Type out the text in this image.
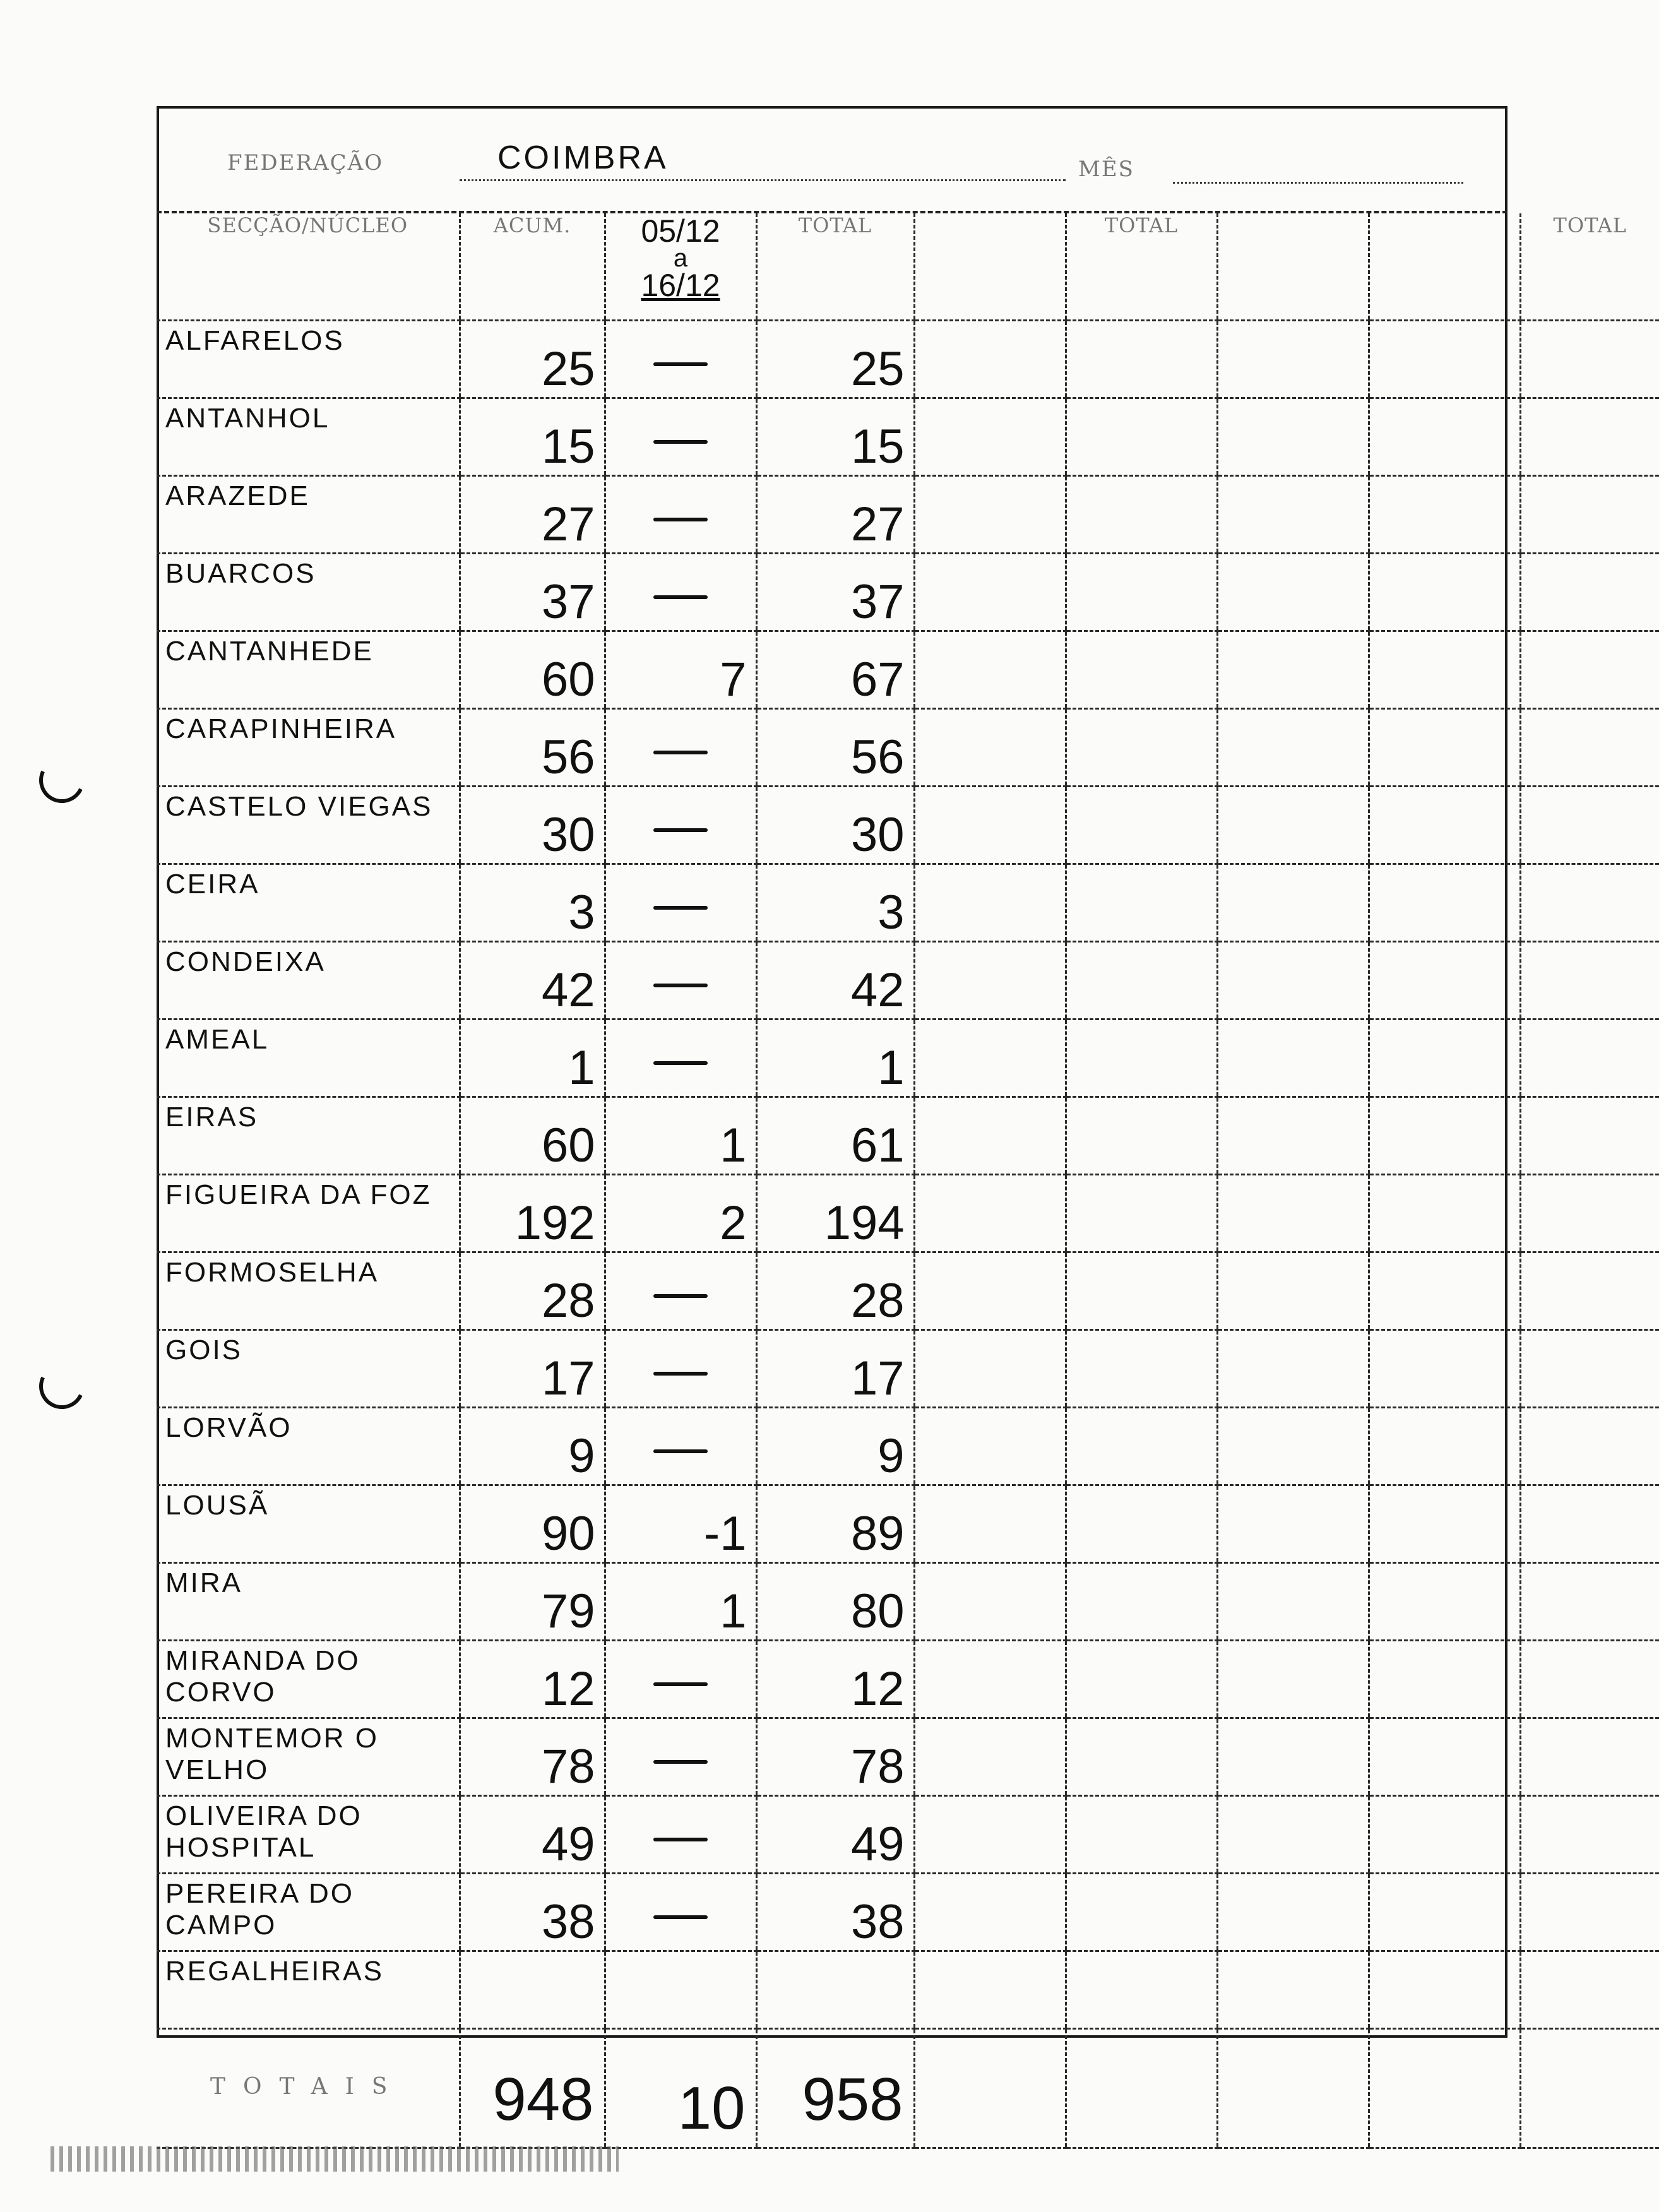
FEDERAÇÃO	COIMBRA	MÊS
SECÇÃO/NÚCLEO	ACUM.	05/12
a
16/12	TOTAL		TOTAL			TOTAL

ALFARELOS	25		25					

ANTANHOL	15		15					

ARAZEDE	27		27					

BUARCOS	37		37					

CANTANHEDE	60	7	67					

CARAPINHEIRA	56		56					

CASTELO VIEGAS	30		30					

CEIRA	3		3					

CONDEIXA	42		42					

AMEAL	1		1					

EIRAS	60	1	61					

FIGUEIRA DA FOZ	192	2	194					

FORMOSELHA	28		28					

GOIS	17		17					

LORVÃO	9		9					

LOUSÃ	90	-1	89					

MIRA	79	1	80					

MIRANDA DO CORVO	12		12					

MONTEMOR O VELHO	78		78					

OLIVEIRA DO HOSPITAL	49		49					

PEREIRA DO CAMPO	38		38					

REGALHEIRAS								

TOTAIS	948	10	958					
